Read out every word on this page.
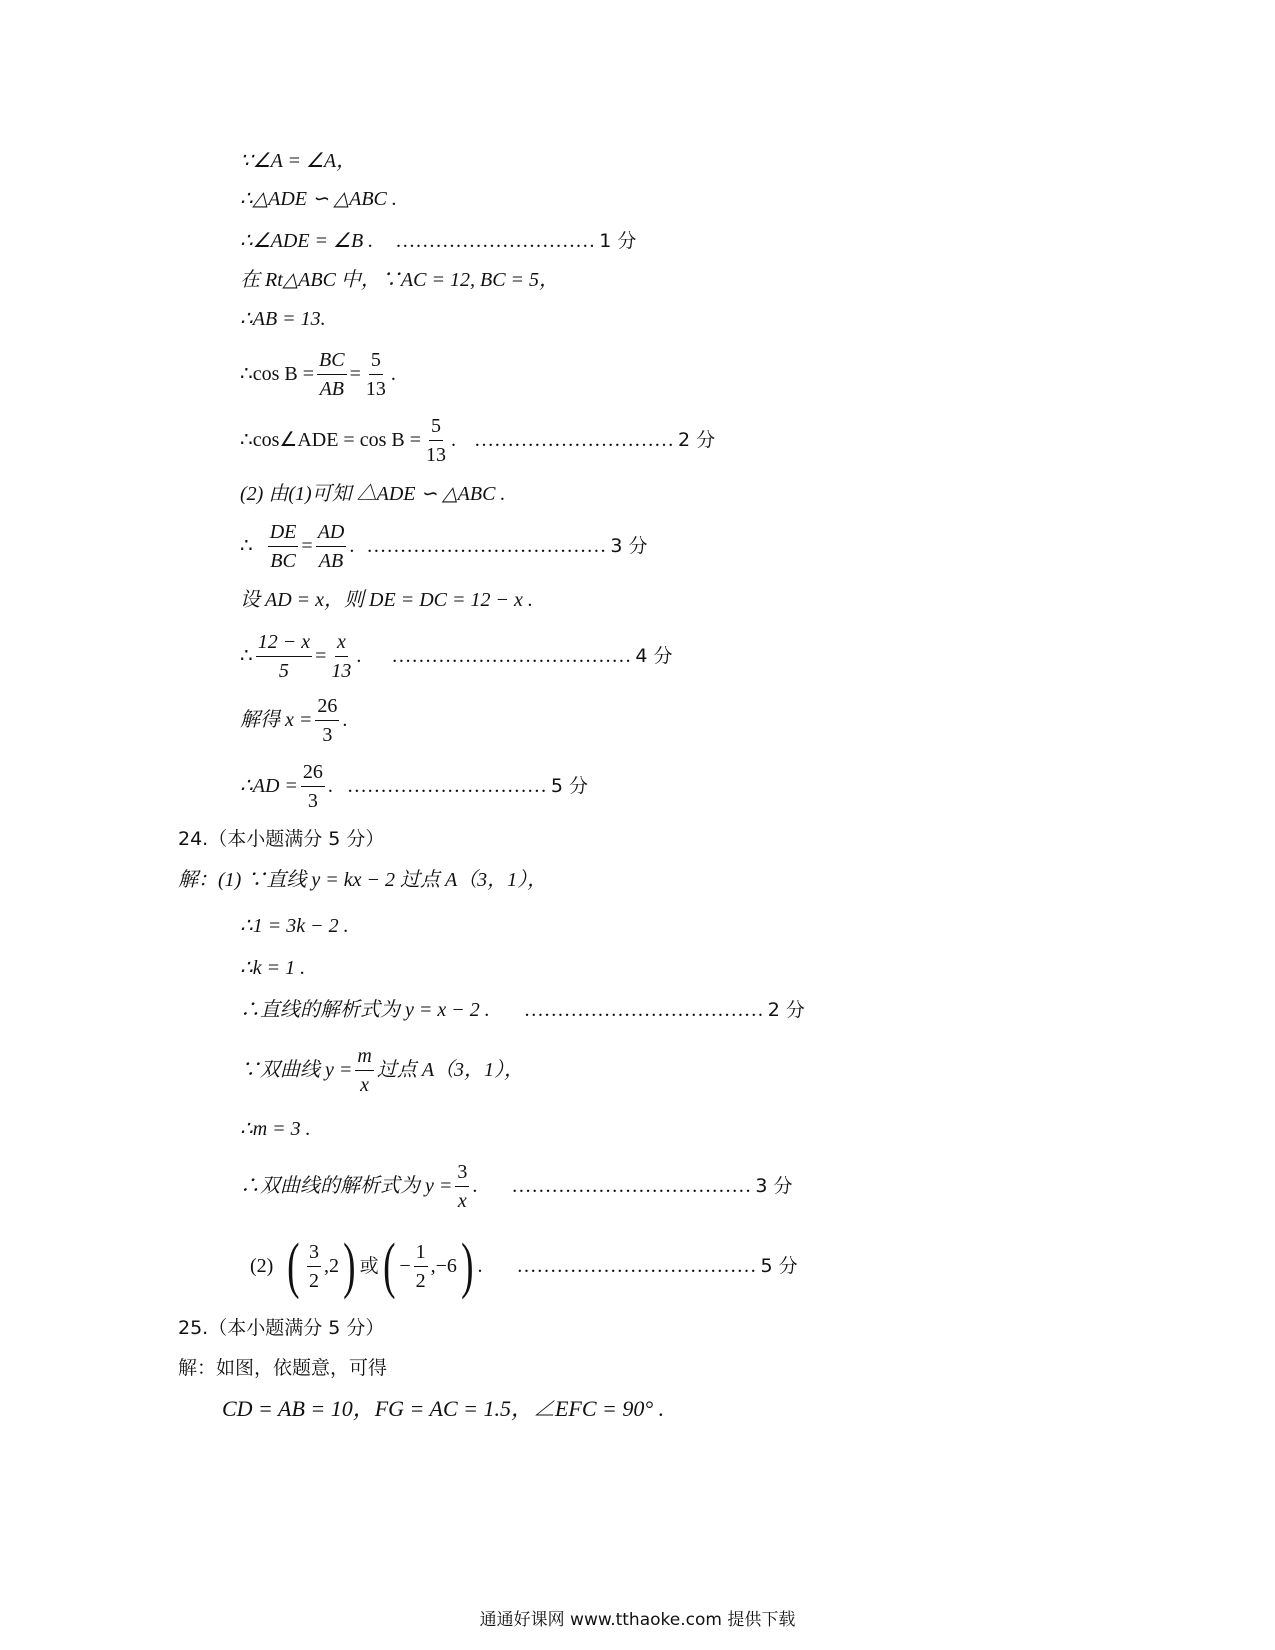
∵∠A = ∠A，
∴△ADE ∽ △ABC .
∴∠ADE = ∠B . ………………………… 1 分
在 Rt△ABC 中，∵AC = 12, BC = 5，
∴AB = 13.
∴cos $B = \frac{BC}{AB} = \frac{5}{13}$ .
∴cos∠ADE = $\cos B = \frac{5}{13}$ . ………………………… 2 分
(2) 由(1)可知 △ADE ∽ △ABC .
∴ $\frac{DE}{BC} = \frac{AD}{AB}$ . ……………………………… 3 分
设 AD = x，则 DE = DC = 12 − x .
∴ $\frac{12 - x}{5} = \frac{x}{13}$ . ……………………………… 4 分
解得 $x = \frac{26}{3}$ .
∴AD = $\frac{26}{3}$ . ………………………… 5 分
24.（本小题满分 5 分）
解：(1) ∵直线 y = kx − 2 过点 A（3，1），
∴1 = 3k − 2 .
∴k = 1 .
∴直线的解析式为 y = x − 2 . ……………………………… 2 分
∵双曲线 $y = \frac{m}{x}$ 过点 A（3，1），
∴m = 3 .
∴双曲线的解析式为 $y = \frac{3}{x}$ . ……………………………… 3 分
(2) ( $\frac{3}{2} ,2$ ) 或 ( − $\frac{1}{2} ,-6$ ) . ……………………………… 5 分
25.（本小题满分 5 分）
解：如图，依题意，可得
CD = AB = 10，FG = AC = 1.5，∠EFC = 90° .
通通好课网 www.tthaoke.com 提供下载
